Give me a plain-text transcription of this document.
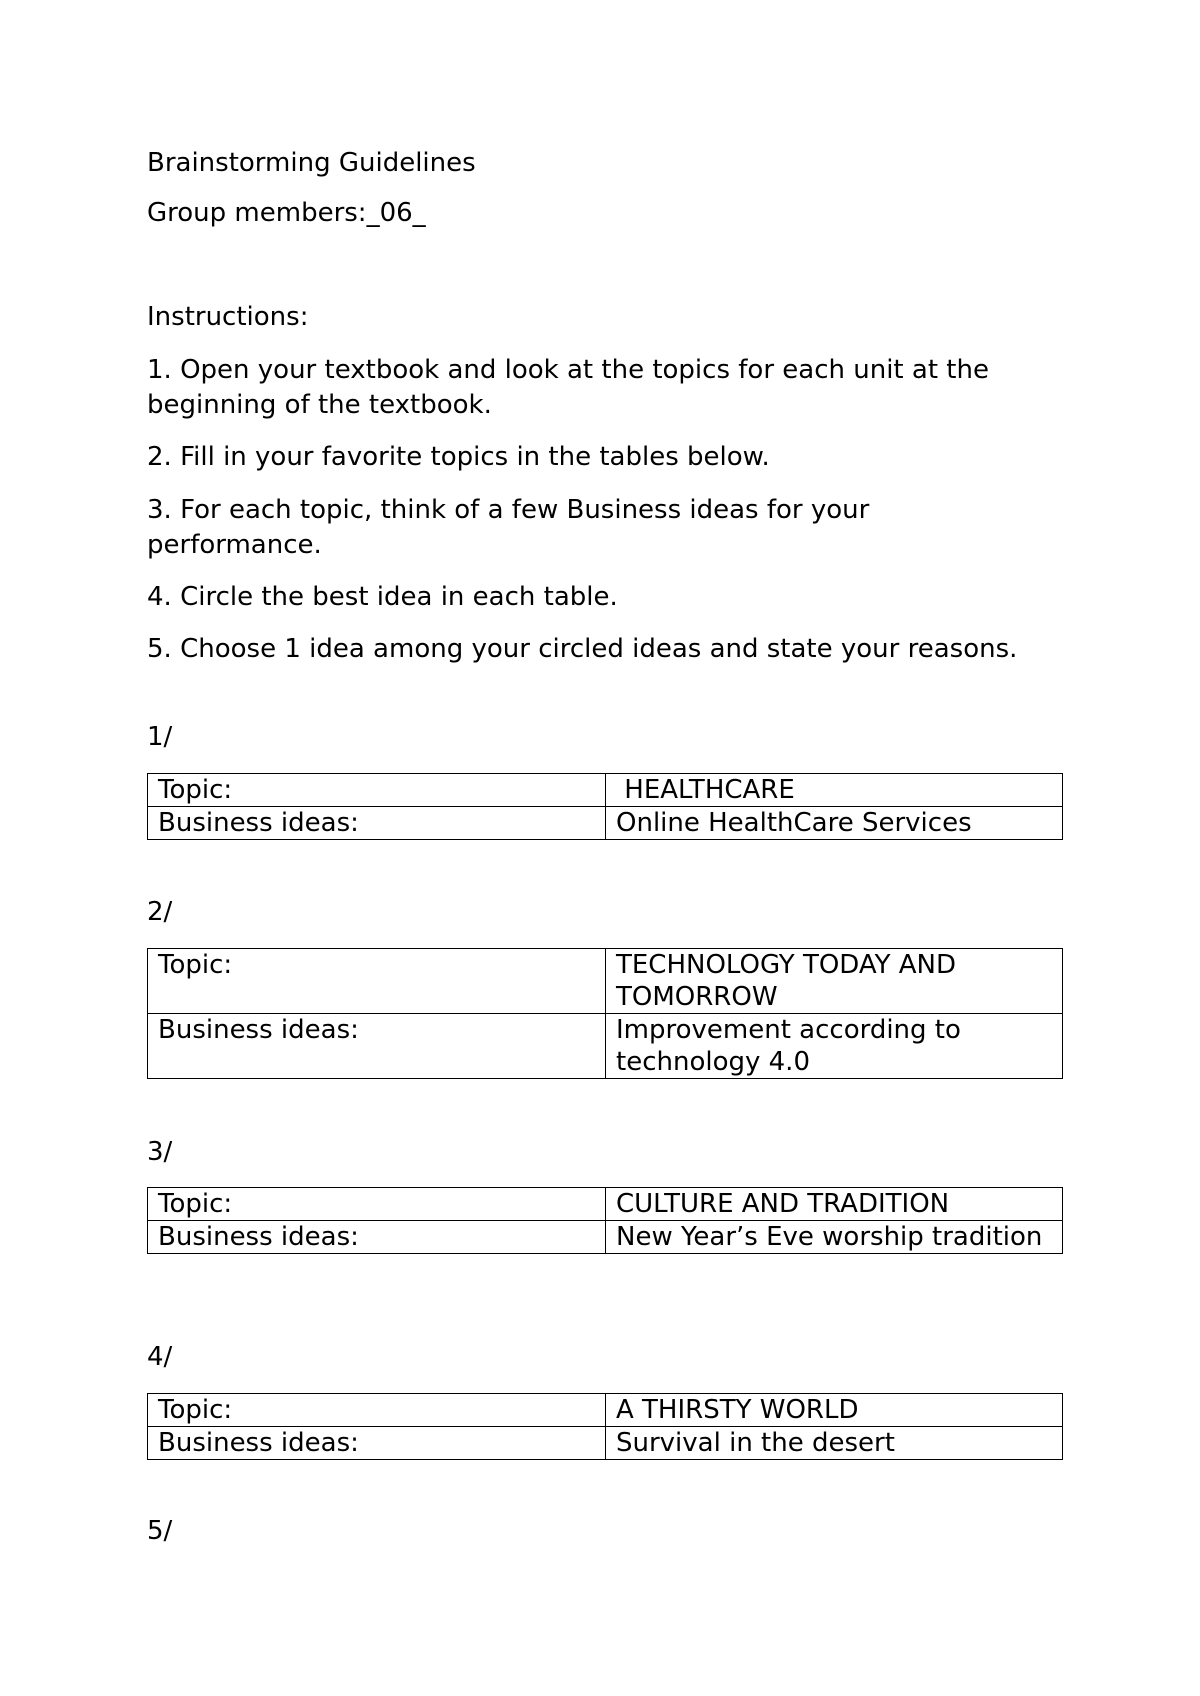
Brainstorming Guidelines

Group members:_06_

Instructions:

1. Open your textbook and look at the topics for each unit at the beginning of the textbook.

2. Fill in your favorite topics in the tables below.

3. For each topic, think of a few Business ideas for your performance.

4. Circle the best idea in each table.

5. Choose 1 idea among your circled ideas and state your reasons.

1/

Topic:	HEALTHCARE
Business ideas:	Online HealthCare Services

2/

Topic:	TECHNOLOGY TODAY AND TOMORROW
Business ideas:	Improvement according to technology 4.0

3/

Topic:	CULTURE AND TRADITION
Business ideas:	New Year’s Eve worship tradition

4/

Topic:	A THIRSTY WORLD
Business ideas:	Survival in the desert

5/
